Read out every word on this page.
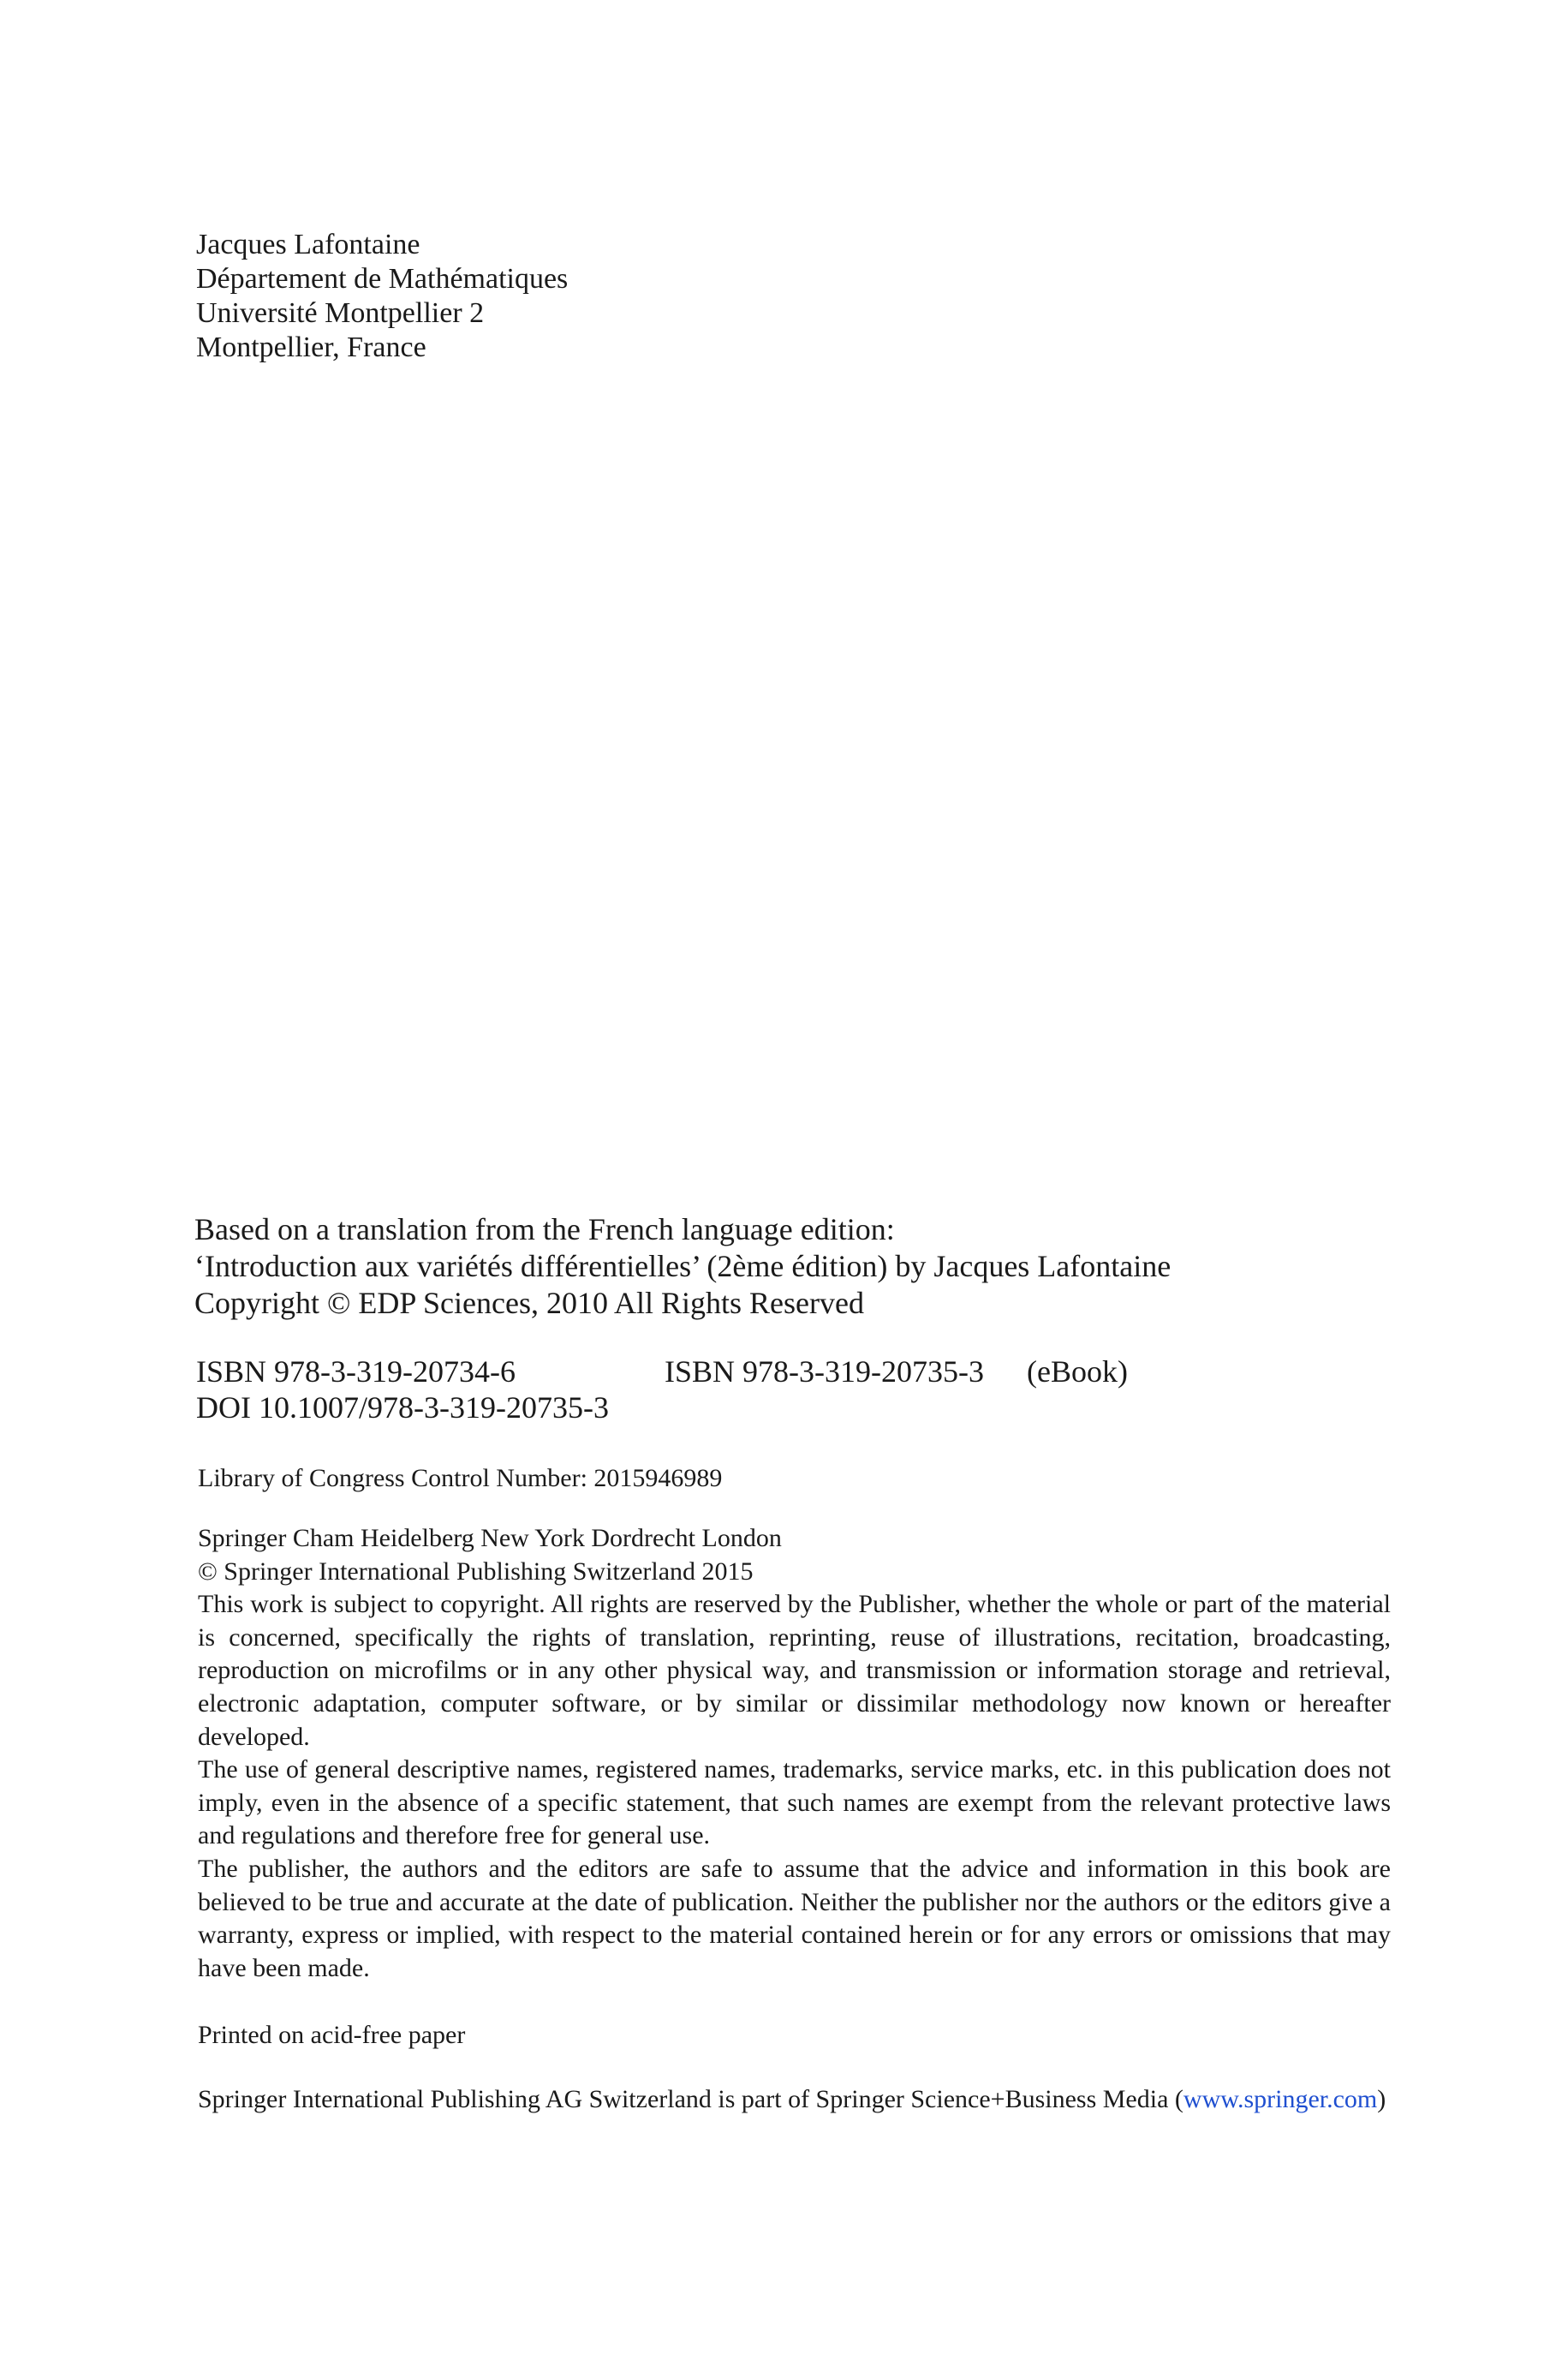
Jacques Lafontaine
Département de Mathématiques
Université Montpellier 2
Montpellier, France
Based on a translation from the French language edition:
‘Introduction aux variétés différentielles’ (2ème édition) by Jacques Lafontaine
Copyright © EDP Sciences, 2010 All Rights Reserved
ISBN 978-3-319-20734-6	ISBN 978-3-319-20735-3 (eBook)
DOI 10.1007/978-3-319-20735-3
Library of Congress Control Number: 2015946989
Springer Cham Heidelberg New York Dordrecht London
© Springer International Publishing Switzerland 2015

This work is subject to copyright. All rights are reserved by the Publisher, whether the whole or part of the material is concerned, specifically the rights of translation, reprinting, reuse of illustrations, recitation, broadcasting, reproduction on microfilms or in any other physical way, and transmission or information storage and retrieval, electronic adaptation, computer software, or by similar or dissimilar methodology now known or hereafter developed.

The use of general descriptive names, registered names, trademarks, service marks, etc. in this publication does not imply, even in the absence of a specific statement, that such names are exempt from the relevant protective laws and regulations and therefore free for general use.

The publisher, the authors and the editors are safe to assume that the advice and information in this book are believed to be true and accurate at the date of publication. Neither the publisher nor the authors or the editors give a warranty, express or implied, with respect to the material contained herein or for any errors or omissions that may have been made.

Printed on acid-free paper

Springer International Publishing AG Switzerland is part of Springer Science+Business Media (www.springer.com)
